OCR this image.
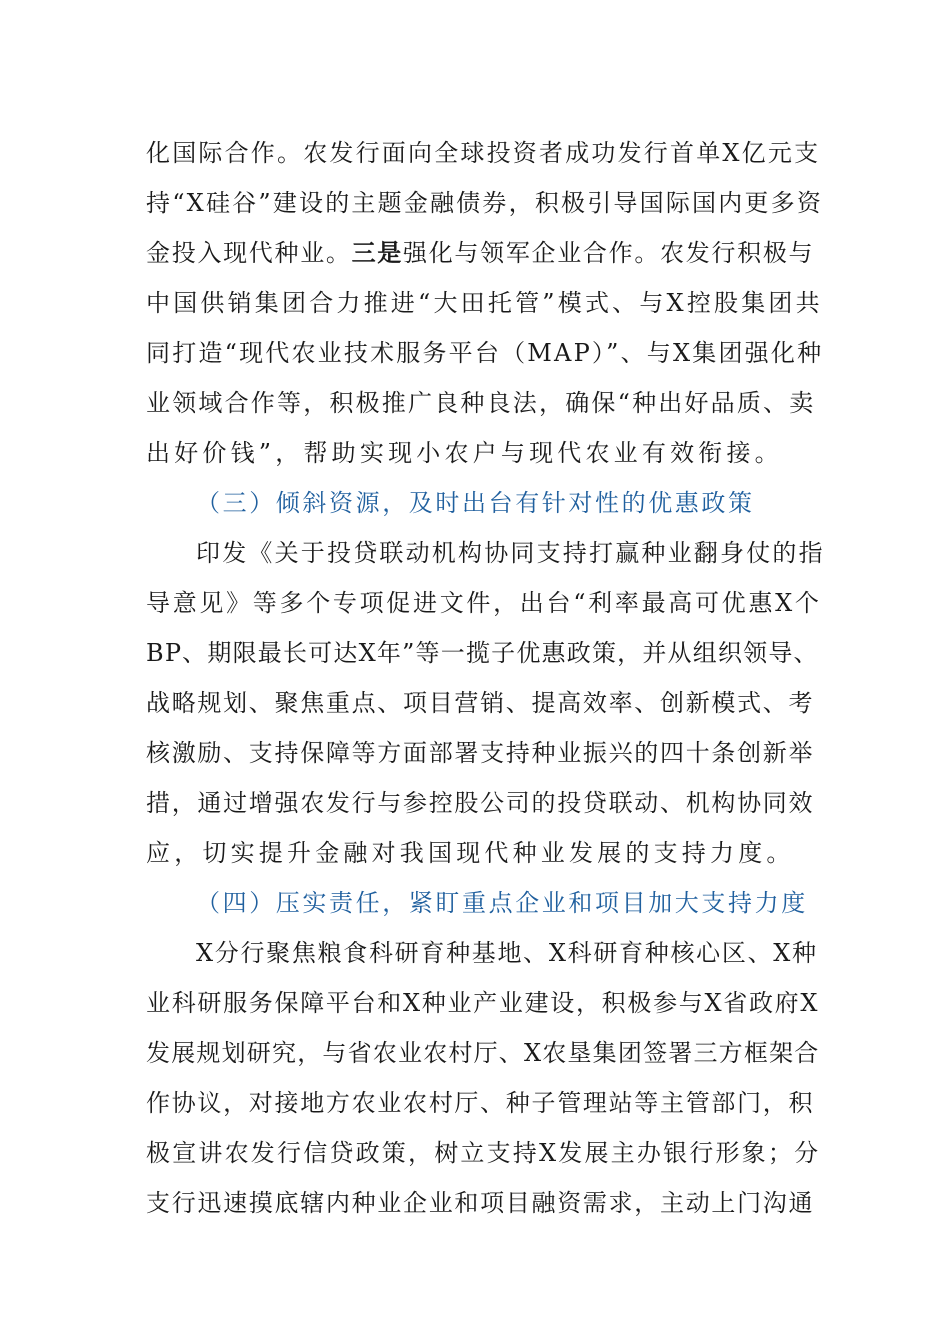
化国际合作。农发行面向全球投资者成功发行首单X亿元支
持“X硅谷”建设的主题金融债券，积极引导国际国内更多资
金投入现代种业。三是强化与领军企业合作。农发行积极与
中国供销集团合力推进“大田托管”模式、与X控股集团共
同打造“现代农业技术服务平台（MAP）”、与X集团强化种
业领域合作等，积极推广良种良法，确保“种出好品质、卖
出好价钱”，帮助实现小农户与现代农业有效衔接。
（三）倾斜资源，及时出台有针对性的优惠政策
印发《关于投贷联动机构协同支持打赢种业翻身仗的指
导意见》等多个专项促进文件，出台“利率最高可优惠X个
BP、期限最长可达X年”等一揽子优惠政策，并从组织领导、
战略规划、聚焦重点、项目营销、提高效率、创新模式、考
核激励、支持保障等方面部署支持种业振兴的四十条创新举
措，通过增强农发行与参控股公司的投贷联动、机构协同效
应，切实提升金融对我国现代种业发展的支持力度。
（四）压实责任，紧盯重点企业和项目加大支持力度
X分行聚焦粮食科研育种基地、X科研育种核心区、X种
业科研服务保障平台和X种业产业建设，积极参与X省政府X
发展规划研究，与省农业农村厅、X农垦集团签署三方框架合
作协议，对接地方农业农村厅、种子管理站等主管部门，积
极宣讲农发行信贷政策，树立支持X发展主办银行形象；分
支行迅速摸底辖内种业企业和项目融资需求，主动上门沟通
